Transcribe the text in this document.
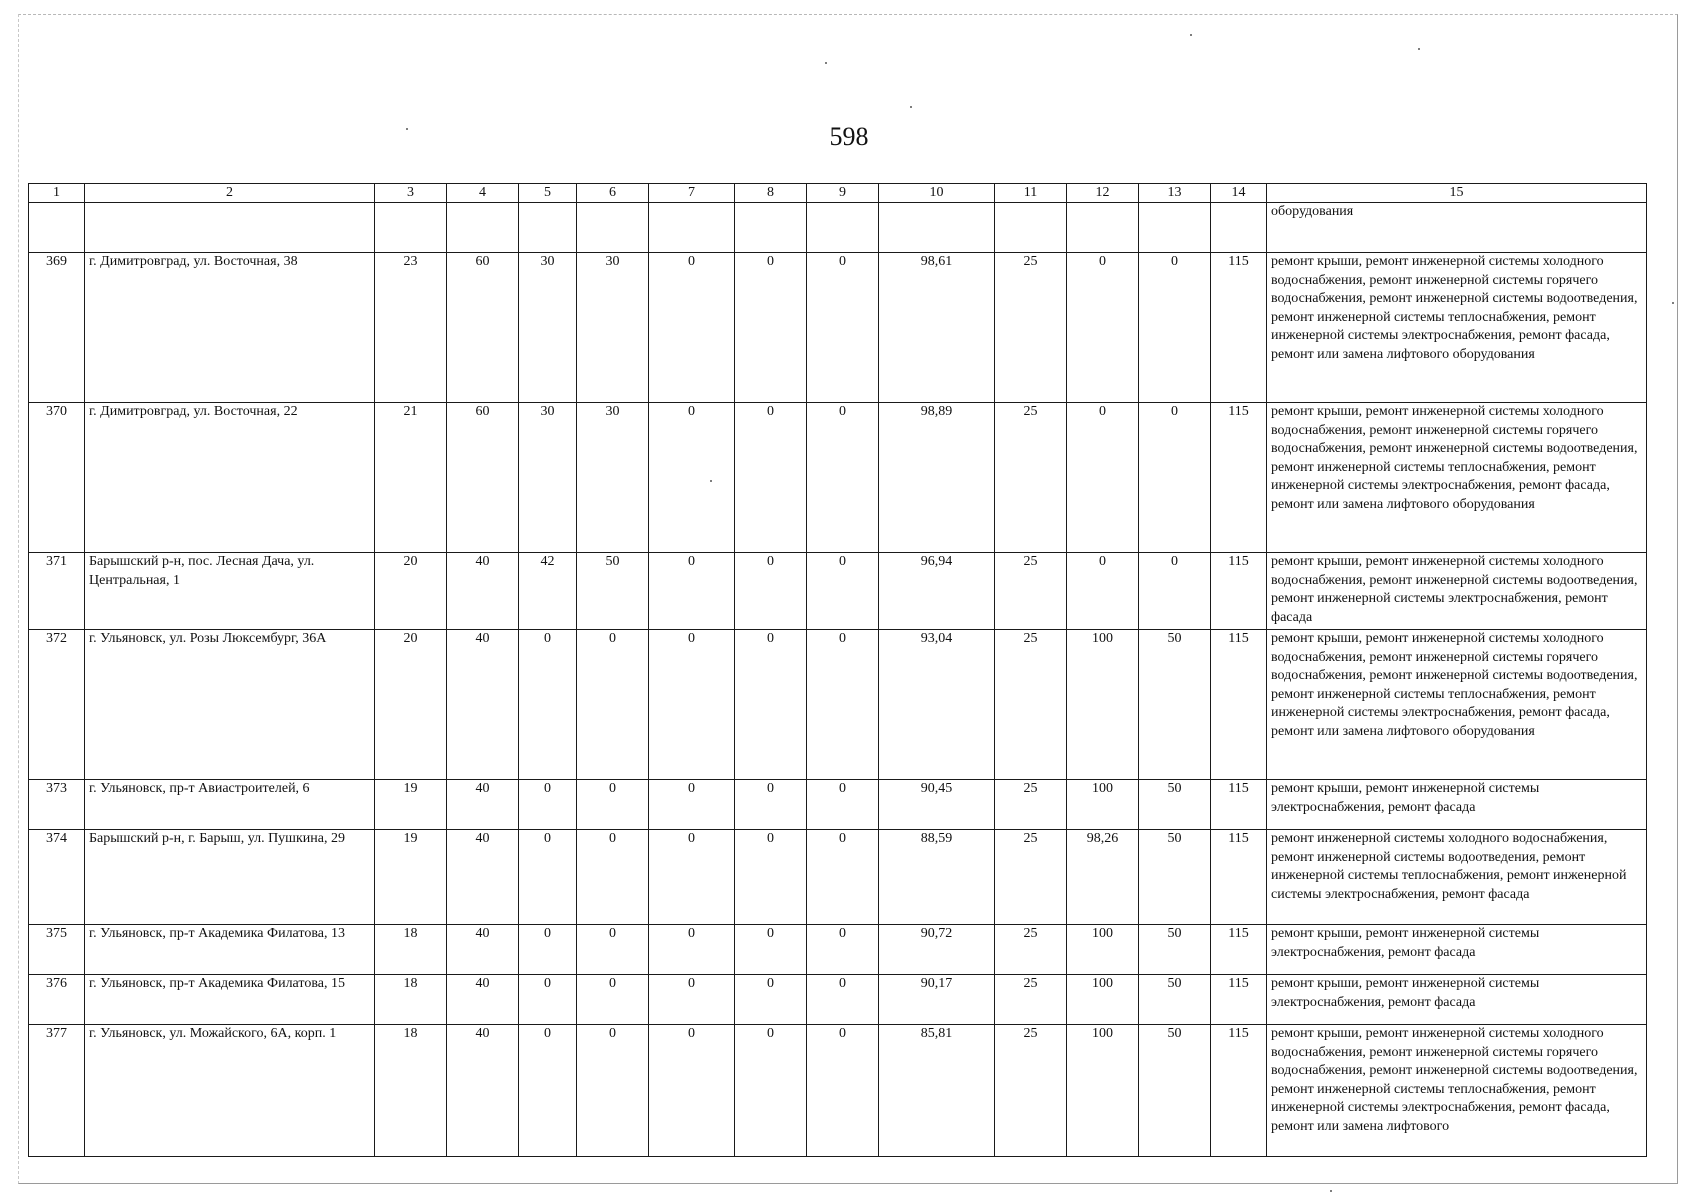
598
1	2	3	4	5	6	7	8	9	10	11	12	13	14	15
														оборудования
369	г. Димитровград, ул. Восточная, 38	23	60	30	30	0	0	0	98,61	25	0	0	115	ремонт крыши, ремонт инженерной системы холодного водоснабжения, ремонт инженерной системы горячего водоснабжения, ремонт инженерной системы водоотведения, ремонт инженерной системы теплоснабжения, ремонт инженерной системы электроснабжения, ремонт фасада, ремонт или замена лифтового оборудования
370	г. Димитровград, ул. Восточная, 22	21	60	30	30	0	0	0	98,89	25	0	0	115	ремонт крыши, ремонт инженерной системы холодного водоснабжения, ремонт инженерной системы горячего водоснабжения, ремонт инженерной системы водоотведения, ремонт инженерной системы теплоснабжения, ремонт инженерной системы электроснабжения, ремонт фасада, ремонт или замена лифтового оборудования
371	Барышский р-н, пос. Лесная Дача, ул. Центральная, 1	20	40	42	50	0	0	0	96,94	25	0	0	115	ремонт крыши, ремонт инженерной системы холодного водоснабжения, ремонт инженерной системы водоотведения, ремонт инженерной системы электроснабжения, ремонт фасада
372	г. Ульяновск, ул. Розы Люксембург, 36А	20	40	0	0	0	0	0	93,04	25	100	50	115	ремонт крыши, ремонт инженерной системы холодного водоснабжения, ремонт инженерной системы горячего водоснабжения, ремонт инженерной системы водоотведения, ремонт инженерной системы теплоснабжения, ремонт инженерной системы электроснабжения, ремонт фасада, ремонт или замена лифтового оборудования
373	г. Ульяновск, пр-т Авиастроителей, 6	19	40	0	0	0	0	0	90,45	25	100	50	115	ремонт крыши, ремонт инженерной системы электроснабжения, ремонт фасада
374	Барышский р-н, г. Барыш, ул. Пушкина, 29	19	40	0	0	0	0	0	88,59	25	98,26	50	115	ремонт инженерной системы холодного водоснабжения, ремонт инженерной системы водоотведения, ремонт инженерной системы теплоснабжения, ремонт инженерной системы электроснабжения, ремонт фасада
375	г. Ульяновск, пр-т Академика Филатова, 13	18	40	0	0	0	0	0	90,72	25	100	50	115	ремонт крыши, ремонт инженерной системы электроснабжения, ремонт фасада
376	г. Ульяновск, пр-т Академика Филатова, 15	18	40	0	0	0	0	0	90,17	25	100	50	115	ремонт крыши, ремонт инженерной системы электроснабжения, ремонт фасада
377	г. Ульяновск, ул. Можайского, 6А, корп. 1	18	40	0	0	0	0	0	85,81	25	100	50	115	ремонт крыши, ремонт инженерной системы холодного водоснабжения, ремонт инженерной системы горячего водоснабжения, ремонт инженерной системы водоотведения, ремонт инженерной системы теплоснабжения, ремонт инженерной системы электроснабжения, ремонт фасада, ремонт или замена лифтового
